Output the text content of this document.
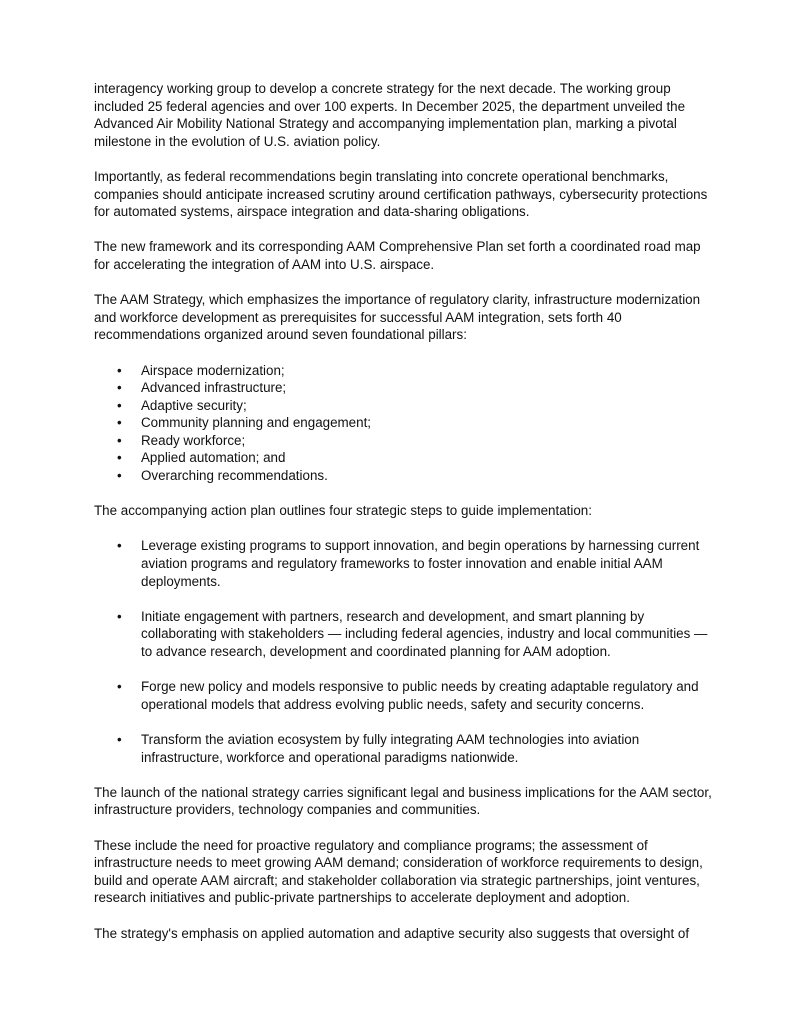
interagency working group to develop a concrete strategy for the next decade. The working group included 25 federal agencies and over 100 experts. In December 2025, the department unveiled the Advanced Air Mobility National Strategy and accompanying implementation plan, marking a pivotal milestone in the evolution of U.S. aviation policy.

Importantly, as federal recommendations begin translating into concrete operational benchmarks, companies should anticipate increased scrutiny around certification pathways, cybersecurity protections for automated systems, airspace integration and data-sharing obligations.

The new framework and its corresponding AAM Comprehensive Plan set forth a coordinated road map for accelerating the integration of AAM into U.S. airspace.

The AAM Strategy, which emphasizes the importance of regulatory clarity, infrastructure modernization and workforce development as prerequisites for successful AAM integration, sets forth 40 recommendations organized around seven foundational pillars:

• Airspace modernization;
• Advanced infrastructure;
• Adaptive security;
• Community planning and engagement;
• Ready workforce;
• Applied automation; and
• Overarching recommendations.

The accompanying action plan outlines four strategic steps to guide implementation:

• Leverage existing programs to support innovation, and begin operations by harnessing current aviation programs and regulatory frameworks to foster innovation and enable initial AAM deployments.
• Initiate engagement with partners, research and development, and smart planning by collaborating with stakeholders — including federal agencies, industry and local communities — to advance research, development and coordinated planning for AAM adoption.
• Forge new policy and models responsive to public needs by creating adaptable regulatory and operational models that address evolving public needs, safety and security concerns.
• Transform the aviation ecosystem by fully integrating AAM technologies into aviation infrastructure, workforce and operational paradigms nationwide.

The launch of the national strategy carries significant legal and business implications for the AAM sector, infrastructure providers, technology companies and communities.

These include the need for proactive regulatory and compliance programs; the assessment of infrastructure needs to meet growing AAM demand; consideration of workforce requirements to design, build and operate AAM aircraft; and stakeholder collaboration via strategic partnerships, joint ventures, research initiatives and public-private partnerships to accelerate deployment and adoption.

The strategy's emphasis on applied automation and adaptive security also suggests that oversight of
